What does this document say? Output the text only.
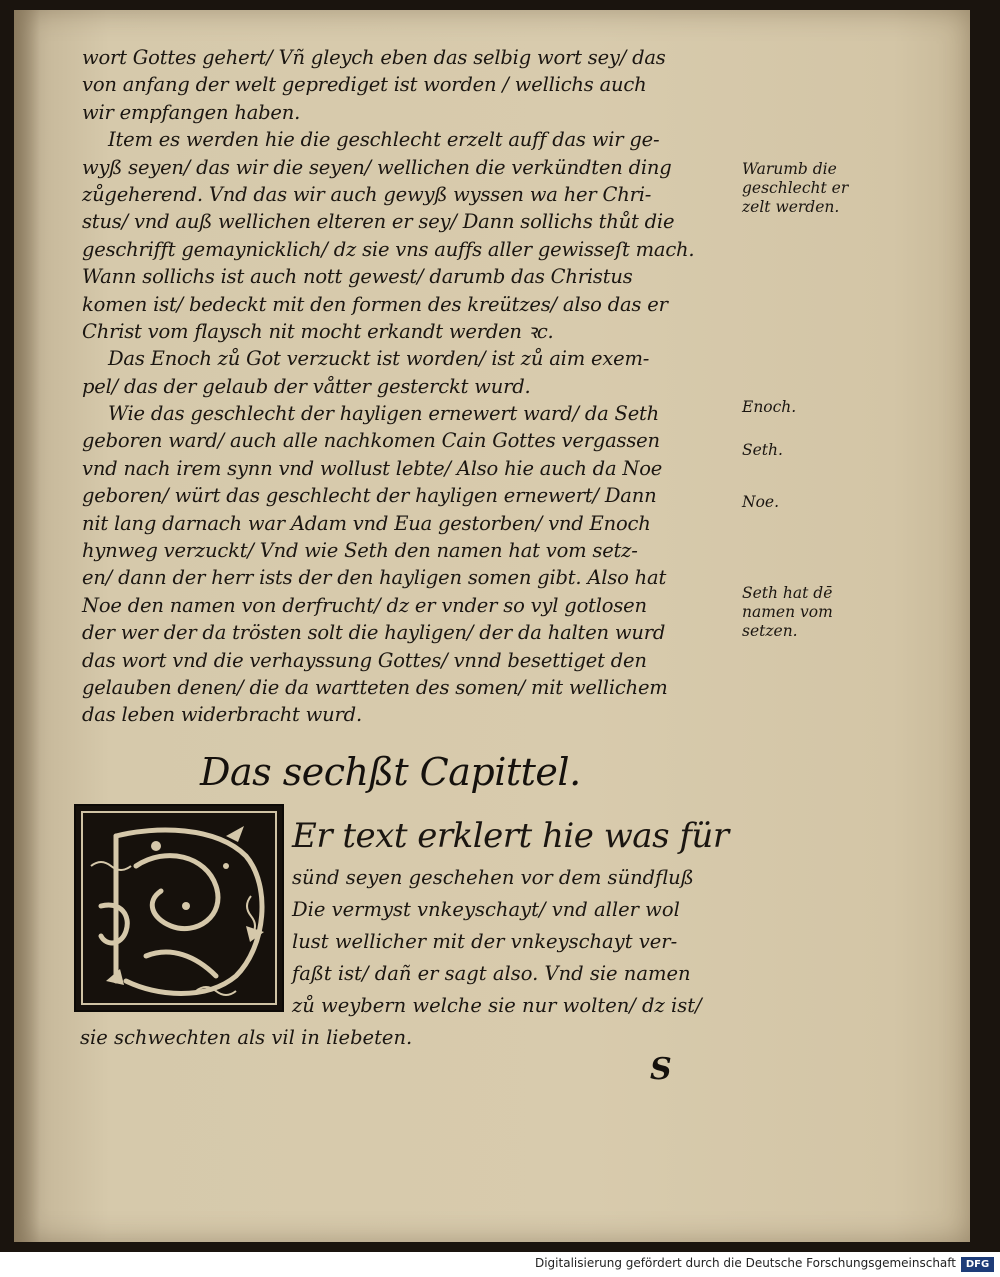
wort Gottes gehert/ Vñ gleych eben das selbig wort sey/ das
von anfang der welt geprediget ist worden / wellichs auch
wir empfangen haben.
Item es werden hie die geschlecht erzelt auff das wir ge-
wyß seyen/ das wir die seyen/ wellichen die verkündten ding
zůgeherend. Vnd das wir auch gewyß wyssen wa her Chri-
stus/ vnd auß wellichen elteren er sey/ Dann sollichs thůt die
geschrifft gemaynicklich/ dz sie vns auffs aller gewisseſt mach.
Wann sollichs ist auch nott gewest/ darumb das Christus
komen ist/ bedeckt mit den formen des kreützes/ also das er
Christ vom flaysch nit mocht erkandt werden ꝛc.
Das Enoch zů Got verzuckt ist worden/ ist zů aim exem-
pel/ das der gelaub der våtter gesterckt wurd.
Wie das geschlecht der hayligen ernewert ward/ da Seth
geboren ward/ auch alle nachkomen Cain Gottes vergassen
vnd nach irem synn vnd wollust lebte/ Also hie auch da Noe
geboren/ würt das geschlecht der hayligen ernewert/ Dann
nit lang darnach war Adam vnd Eua gestorben/ vnd Enoch
hynweg verzuckt/ Vnd wie Seth den namen hat vom setz-
en/ dann der herr ists der den hayligen somen gibt. Also hat
Noe den namen von derfrucht/ dz er vnder so vyl gotlosen
der wer der da trösten solt die hayligen/ der da halten wurd
das wort vnd die verhayssung Gottes/ vnnd besettiget den
gelauben denen/ die da wartteten des somen/ mit wellichem
das leben widerbracht wurd.
Warumb die
geschlecht er
zelt werden.
Enoch.
Seth.
Noe.
Seth hat dē
namen vom
setzen.
Das sechßt Capittel.
Er text erklert hie was für
sünd seyen geschehen vor dem sündfluß
Die vermyst vnkeyschayt/ vnd aller wol
lust wellicher mit der vnkeyschayt ver-
faßt ist/ dañ er sagt also. Vnd sie namen
zů weybern welche sie nur wolten/ dz ist/
sie schwechten als vil in liebeten.
S
Digitalisierung gefördert durch die Deutsche Forschungsgemeinschaft DFG
